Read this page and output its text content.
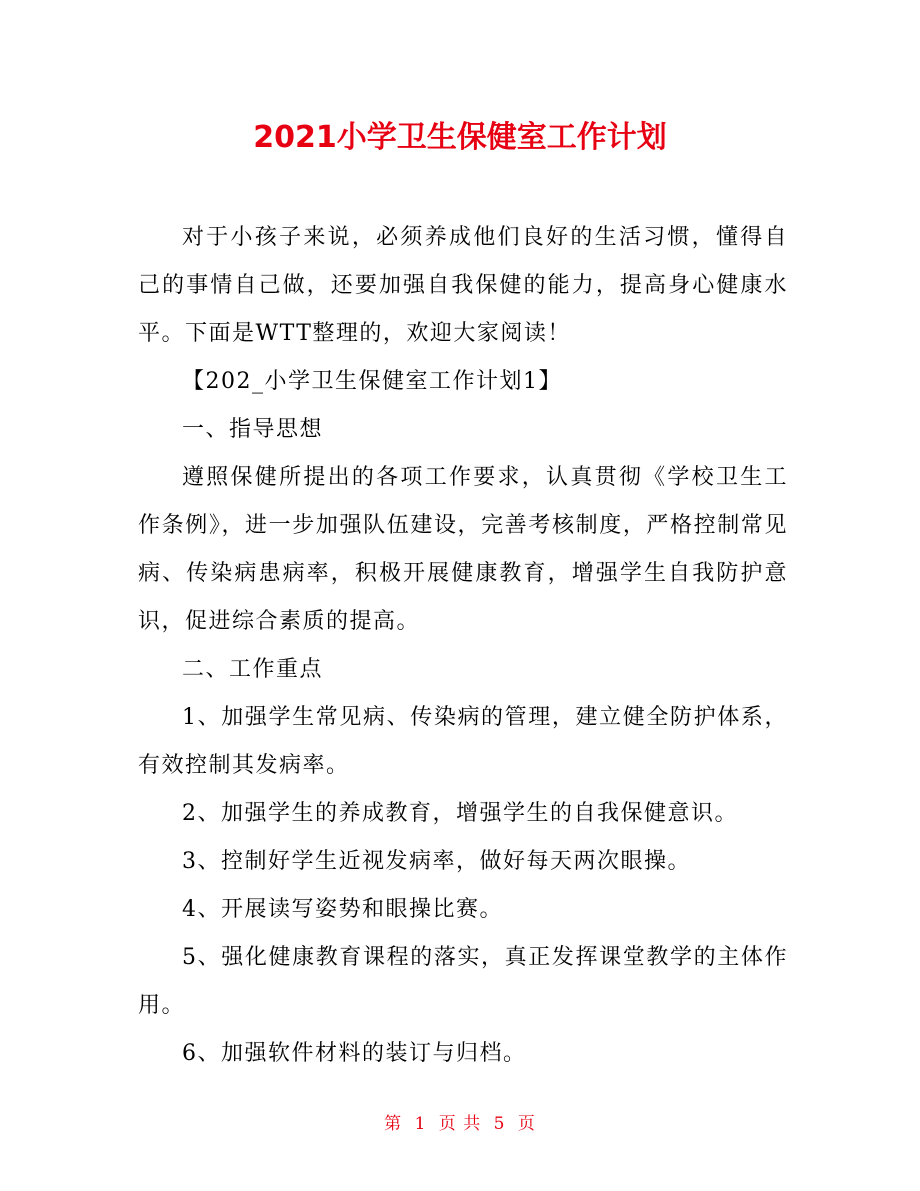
2021小学卫生保健室工作计划

对于小孩子来说，必须养成他们良好的生活习惯，懂得自己的事情自己做，还要加强自我保健的能力，提高身心健康水平。下面是WTT整理的，欢迎大家阅读！

【202_小学卫生保健室工作计划1】

一、指导思想

遵照保健所提出的各项工作要求，认真贯彻《学校卫生工作条例》，进一步加强队伍建设，完善考核制度，严格控制常见病、传染病患病率，积极开展健康教育，增强学生自我防护意识，促进综合素质的提高。

二、工作重点

1、加强学生常见病、传染病的管理，建立健全防护体系，有效控制其发病率。

2、加强学生的养成教育，增强学生的自我保健意识。

3、控制好学生近视发病率，做好每天两次眼操。

4、开展读写姿势和眼操比赛。

5、强化健康教育课程的落实，真正发挥课堂教学的主体作用。

6、加强软件材料的装订与归档。

第 1 页 共 5 页
